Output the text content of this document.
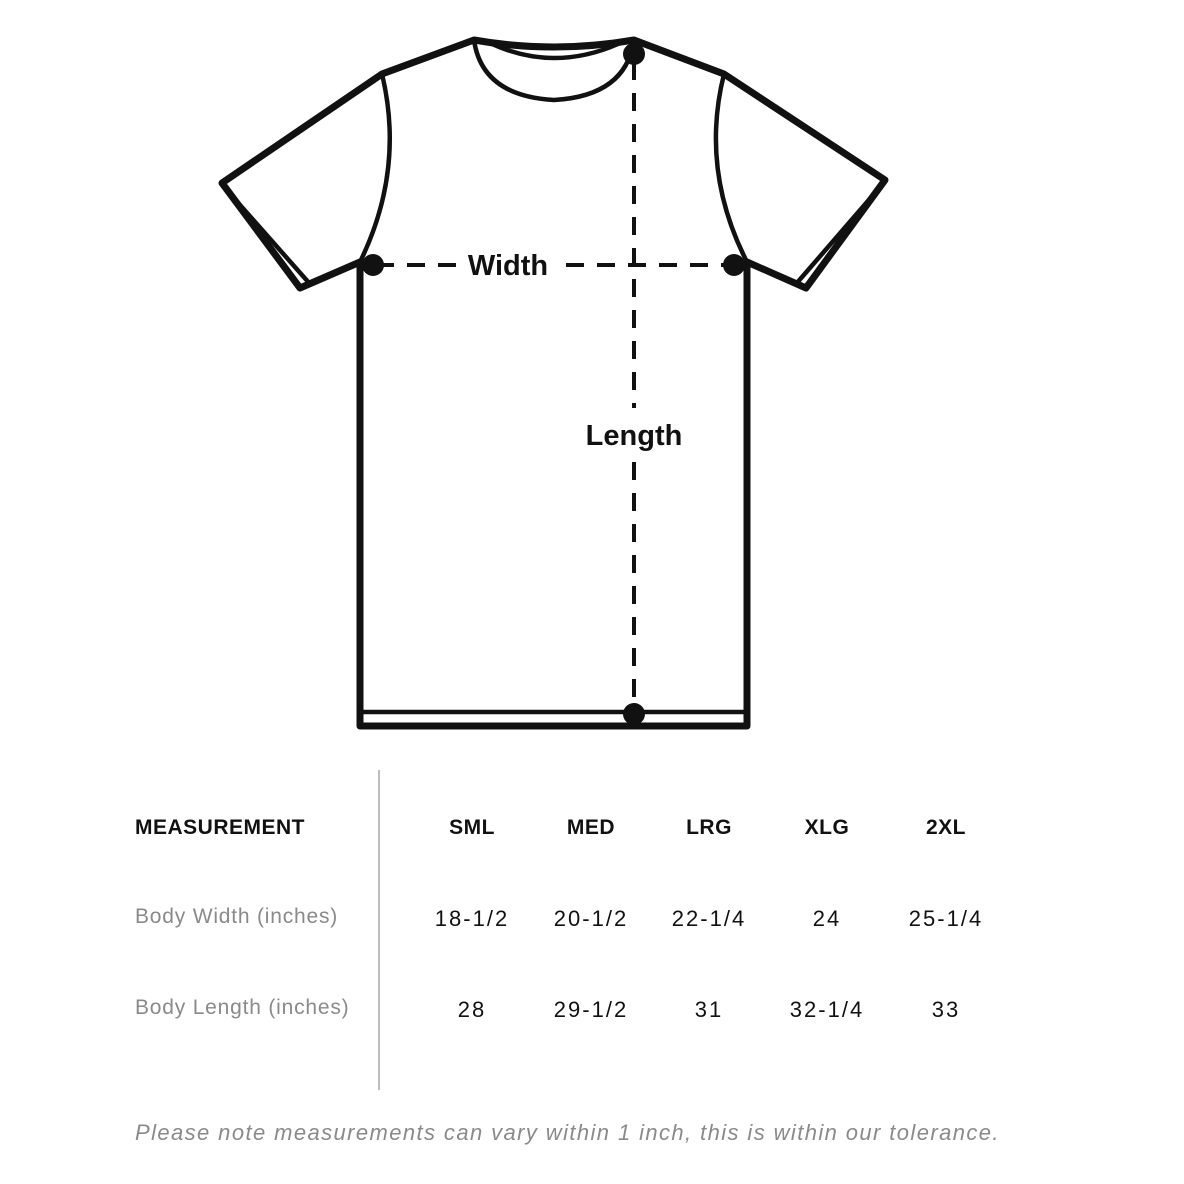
Width
Length
MEASUREMENT	SML	MED	LRG	XLG	2XL
Body Width (inches)	18-1/2	20-1/2	22-1/4	24	25-1/4
Body Length (inches)	28	29-1/2	31	32-1/4	33
Please note measurements can vary within 1 inch, this is within our tolerance.
